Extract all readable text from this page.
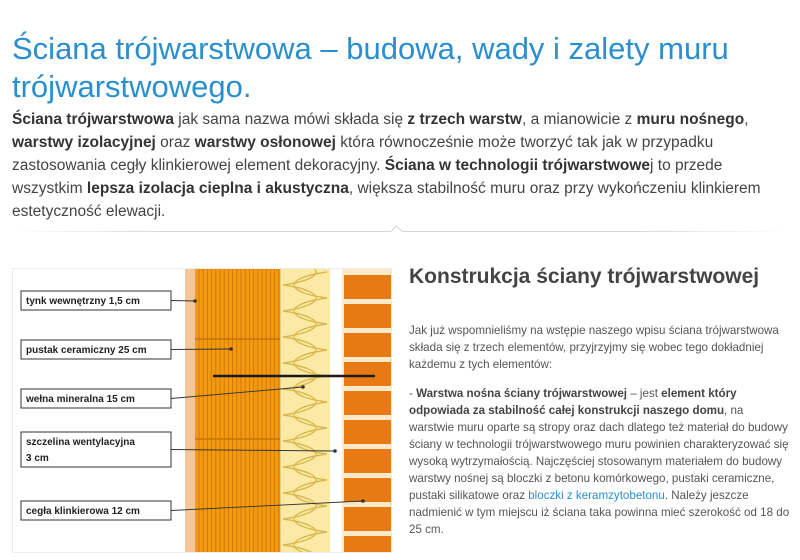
Ściana trójwarstwowa – budowa, wady i zalety muru trójwarstwowego.

Ściana trójwarstwowa jak sama nazwa mówi składa się z trzech warstw, a mianowicie z muru nośnego, warstwy izolacyjnej oraz warstwy osłonowej która równocześnie może tworzyć tak jak w przypadku zastosowania cegły klinkierowej element dekoracyjny. Ściana w technologii trójwarstwowej to przede wszystkim lepsza izolacja cieplna i akustyczna, większa stabilność muru oraz przy wykończeniu klinkierem estetyczność elewacji.

tynk wewnętrzny 1,5 cm
pustak ceramiczny 25 cm
wełna mineralna 15 cm
szczelina wentylacyjna
3 cm
cegła klinkierowa 12 cm
Konstrukcja ściany trójwarstwowej

Jak już wspomnieliśmy na wstępie naszego wpisu ściana trójwarstwowa składa się z trzech elementów, przyjrzyjmy się wobec tego dokładniej każdemu z tych elementów:

- Warstwa nośna ściany trójwarstwowej – jest element który odpowiada za stabilność całej konstrukcji naszego domu, na warstwie muru oparte są stropy oraz dach dlatego też materiał do budowy ściany w technologii trójwarstwowego muru powinien charakteryzować się wysoką wytrzymałością. Najczęściej stosowanym materiałem do budowy warstwy nośnej są bloczki z betonu komórkowego, pustaki ceramiczne, pustaki silikatowe oraz bloczki z keramzytobetonu. Należy jeszcze nadmienić w tym miejscu iż ściana taka powinna mieć szerokość od 18 do 25 cm.
